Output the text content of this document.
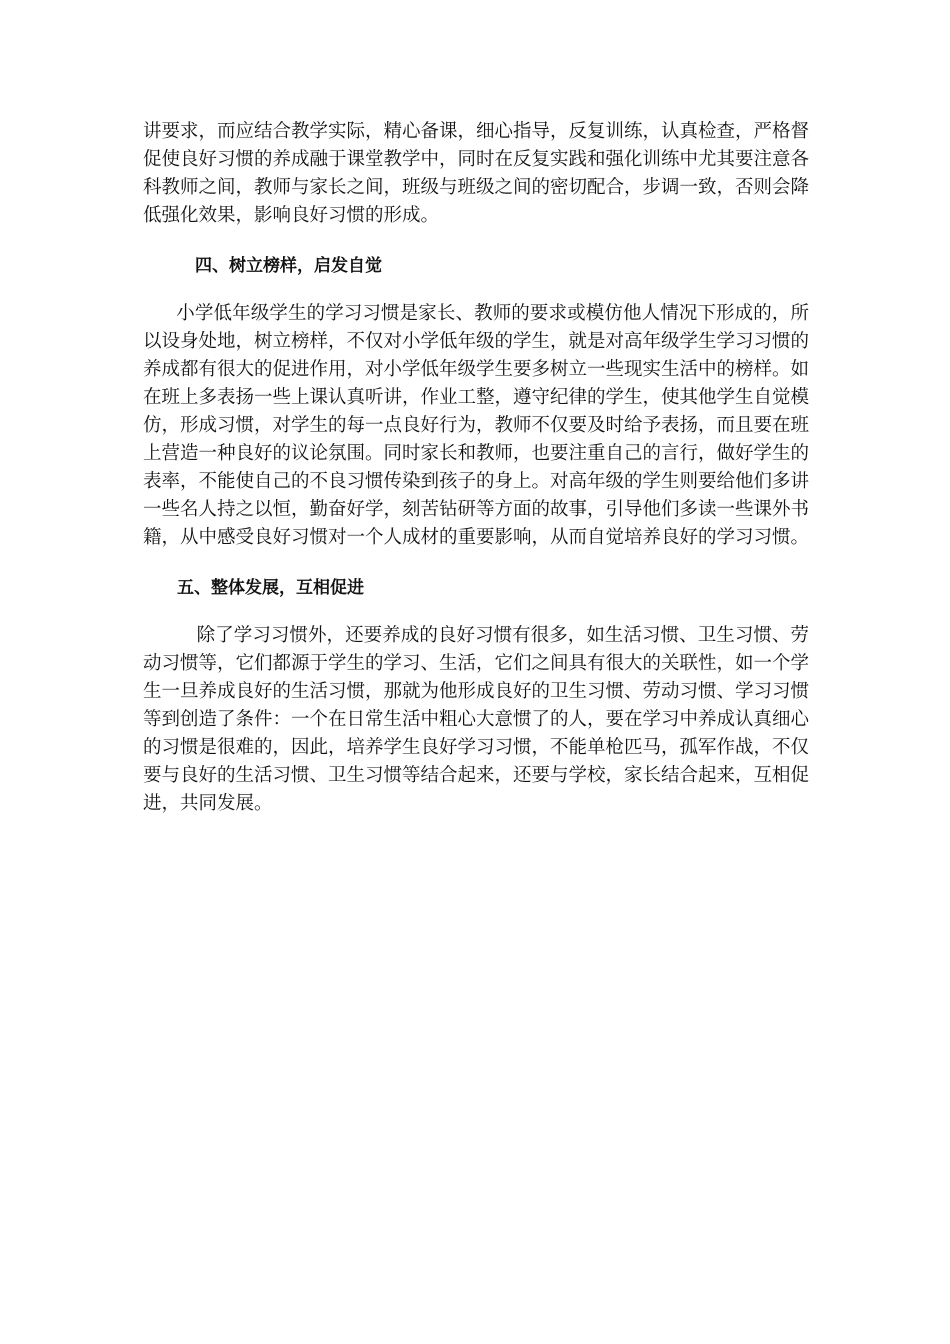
讲要求，而应结合教学实际，精心备课，细心指导，反复训练，认真检查，严格督促使良好习惯的养成融于课堂教学中，同时在反复实践和强化训练中尤其要注意各科教师之间，教师与家长之间，班级与班级之间的密切配合，步调一致，否则会降低强化效果，影响良好习惯的形成。

四、树立榜样，启发自觉

小学低年级学生的学习习惯是家长、教师的要求或模仿他人情况下形成的，所以设身处地，树立榜样，不仅对小学低年级的学生，就是对高年级学生学习习惯的养成都有很大的促进作用，对小学低年级学生要多树立一些现实生活中的榜样。如在班上多表扬一些上课认真听讲，作业工整，遵守纪律的学生，使其他学生自觉模仿，形成习惯，对学生的每一点良好行为，教师不仅要及时给予表扬，而且要在班上营造一种良好的议论氛围。同时家长和教师，也要注重自己的言行，做好学生的表率，不能使自己的不良习惯传染到孩子的身上。对高年级的学生则要给他们多讲一些名人持之以恒，勤奋好学，刻苦钻研等方面的故事，引导他们多读一些课外书籍，从中感受良好习惯对一个人成材的重要影响，从而自觉培养良好的学习习惯。

五、整体发展，互相促进

除了学习习惯外，还要养成的良好习惯有很多，如生活习惯、卫生习惯、劳动习惯等，它们都源于学生的学习、生活，它们之间具有很大的关联性，如一个学生一旦养成良好的生活习惯，那就为他形成良好的卫生习惯、劳动习惯、学习习惯等到创造了条件：一个在日常生活中粗心大意惯了的人，要在学习中养成认真细心的习惯是很难的，因此，培养学生良好学习习惯，不能单枪匹马，孤军作战，不仅要与良好的生活习惯、卫生习惯等结合起来，还要与学校，家长结合起来，互相促进，共同发展。
